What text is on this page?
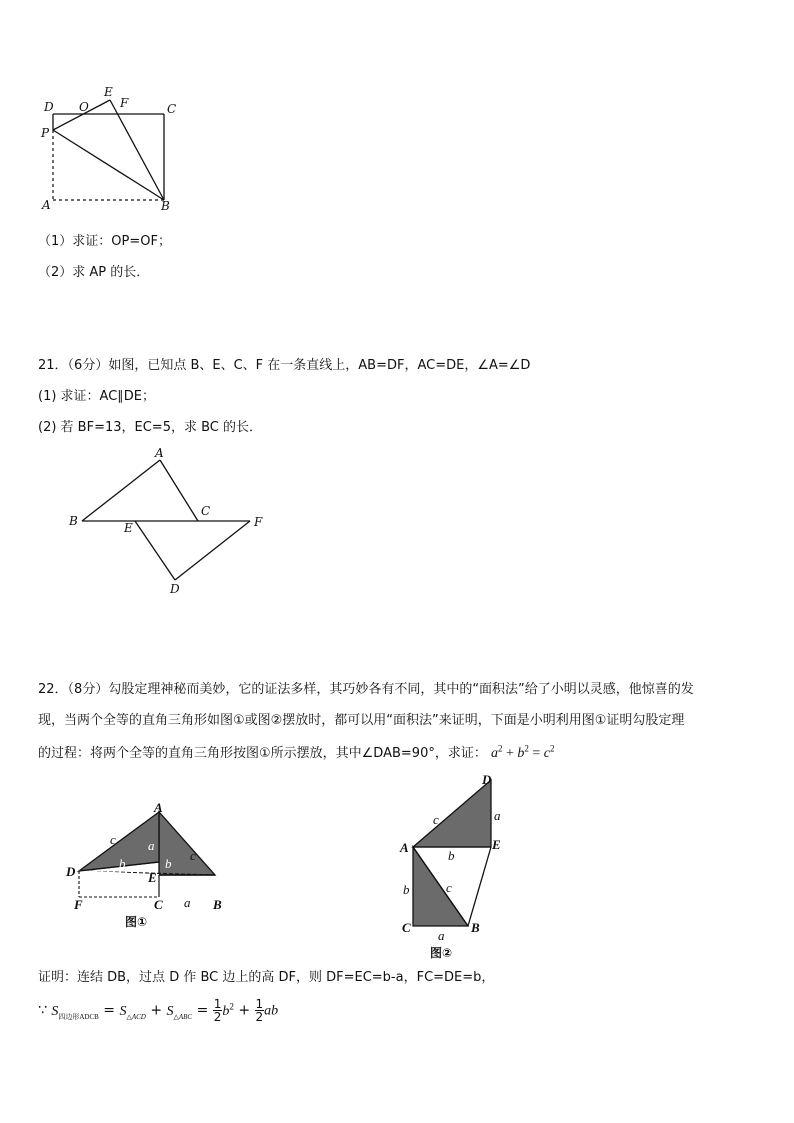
D O
E
F	C
P
A	B
（1）求证：OP=OF；
（2）求 AP 的长．
21．（6分）如图，已知点 B、E、C、F 在一条直线上，AB=DF，AC=DE，∠A=∠D
(1) 求证：AC∥DE；
(2) 若 BF=13，EC=5，求 BC 的长．
A
B
C
E	F
D
22．（8分）勾股定理神秘而美妙，它的证法多样，其巧妙各有不同，其中的“面积法”给了小明以灵感，他惊喜的发
现，当两个全等的直角三角形如图①或图②摆放时，都可以用“面积法”来证明，下面是小明利用图①证明勾股定理
的过程：将两个全等的直角三角形按图①所示摆放，其中∠DAB=90°，求证： $a^2 + b^2 = c^2$
A
D	E
C	B
F
c
c
a
a
b	b
图①
D
A	E
C	B
c	a
b
b	c
a
图②
证明：连结 DB，过点 D 作 BC 边上的高 DF，则 DF=EC=b-a，FC=DE=b，
∵ $S_{四边形ADCB} = S_{\triangle ACD} + S_{\triangle ABC} = \frac{1}{2} b^2 + \frac{1}{2}$ ab
